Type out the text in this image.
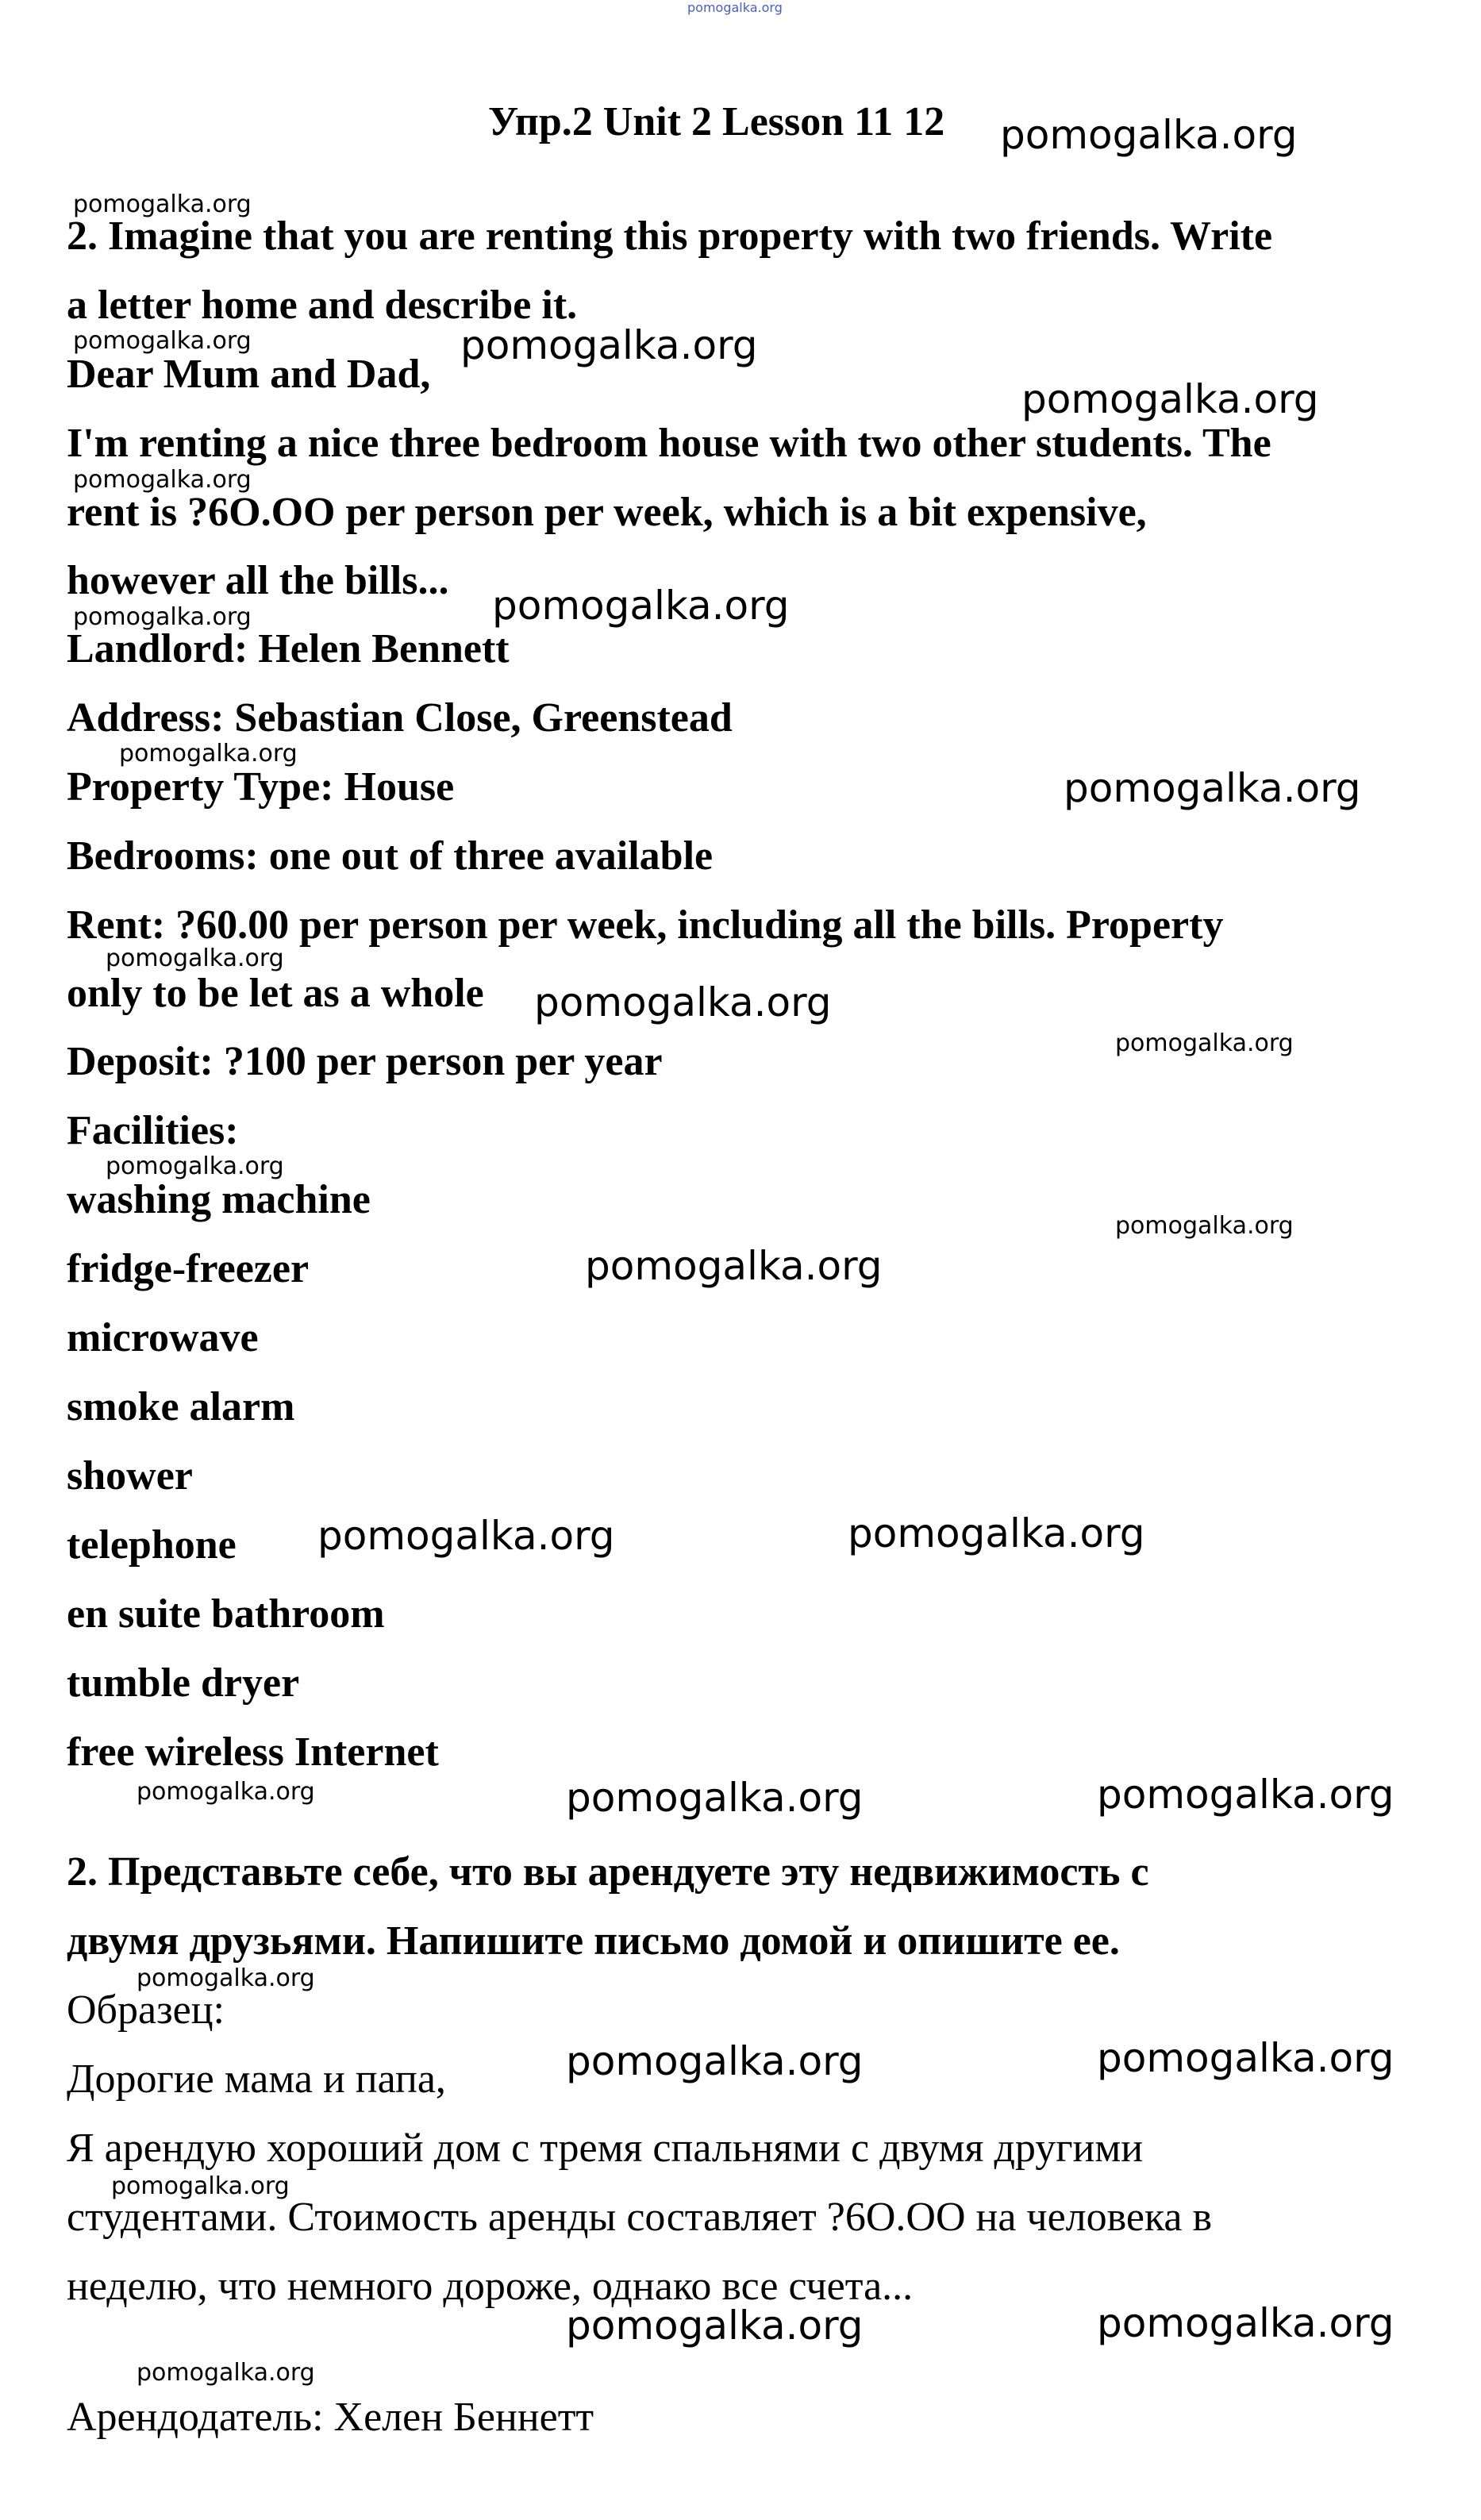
pomogalka.org
Упр.2 Unit 2 Lesson 11 12
2. Imagine that you are renting this property with two friends. Write
a letter home and describe it.
Dear Mum and Dad,
I'm renting a nice three bedroom house with two other students. The
rent is ?6O.OO per person per week, which is a bit expensive,
however all the bills...
Landlord: Helen Bennett
Address: Sebastian Close, Greenstead
Property Type: House
Bedrooms: one out of three available
Rent: ?60.00 per person per week, including all the bills. Property
only to be let as a whole
Deposit: ?100 per person per year
Facilities:
washing machine
fridge-freezer
microwave
smoke alarm
shower
telephone
en suite bathroom
tumble dryer
free wireless Internet
2. Представьте себе, что вы арендуете эту недвижимость с
двумя друзьями. Напишите письмо домой и опишите ее.
Образец:
Дорогие мама и папа,
Я арендую хороший дом с тремя спальнями с двумя другими
студентами. Стоимость аренды составляет ?6О.ОО на человека в
неделю, что немного дороже, однако все счета...
Арендодатель: Хелен Беннетт
pomogalka.org
pomogalka.org
pomogalka.org	pomogalka.org
pomogalka.org
pomogalka.org
pomogalka.org	pomogalka.org
pomogalka.org
pomogalka.org
pomogalka.org
pomogalka.org
pomogalka.org
pomogalka.org
pomogalka.org
pomogalka.org
pomogalka.org	pomogalka.org
pomogalka.org	pomogalka.org	pomogalka.org
pomogalka.org
pomogalka.org	pomogalka.org
pomogalka.org
pomogalka.org	pomogalka.org
pomogalka.org
